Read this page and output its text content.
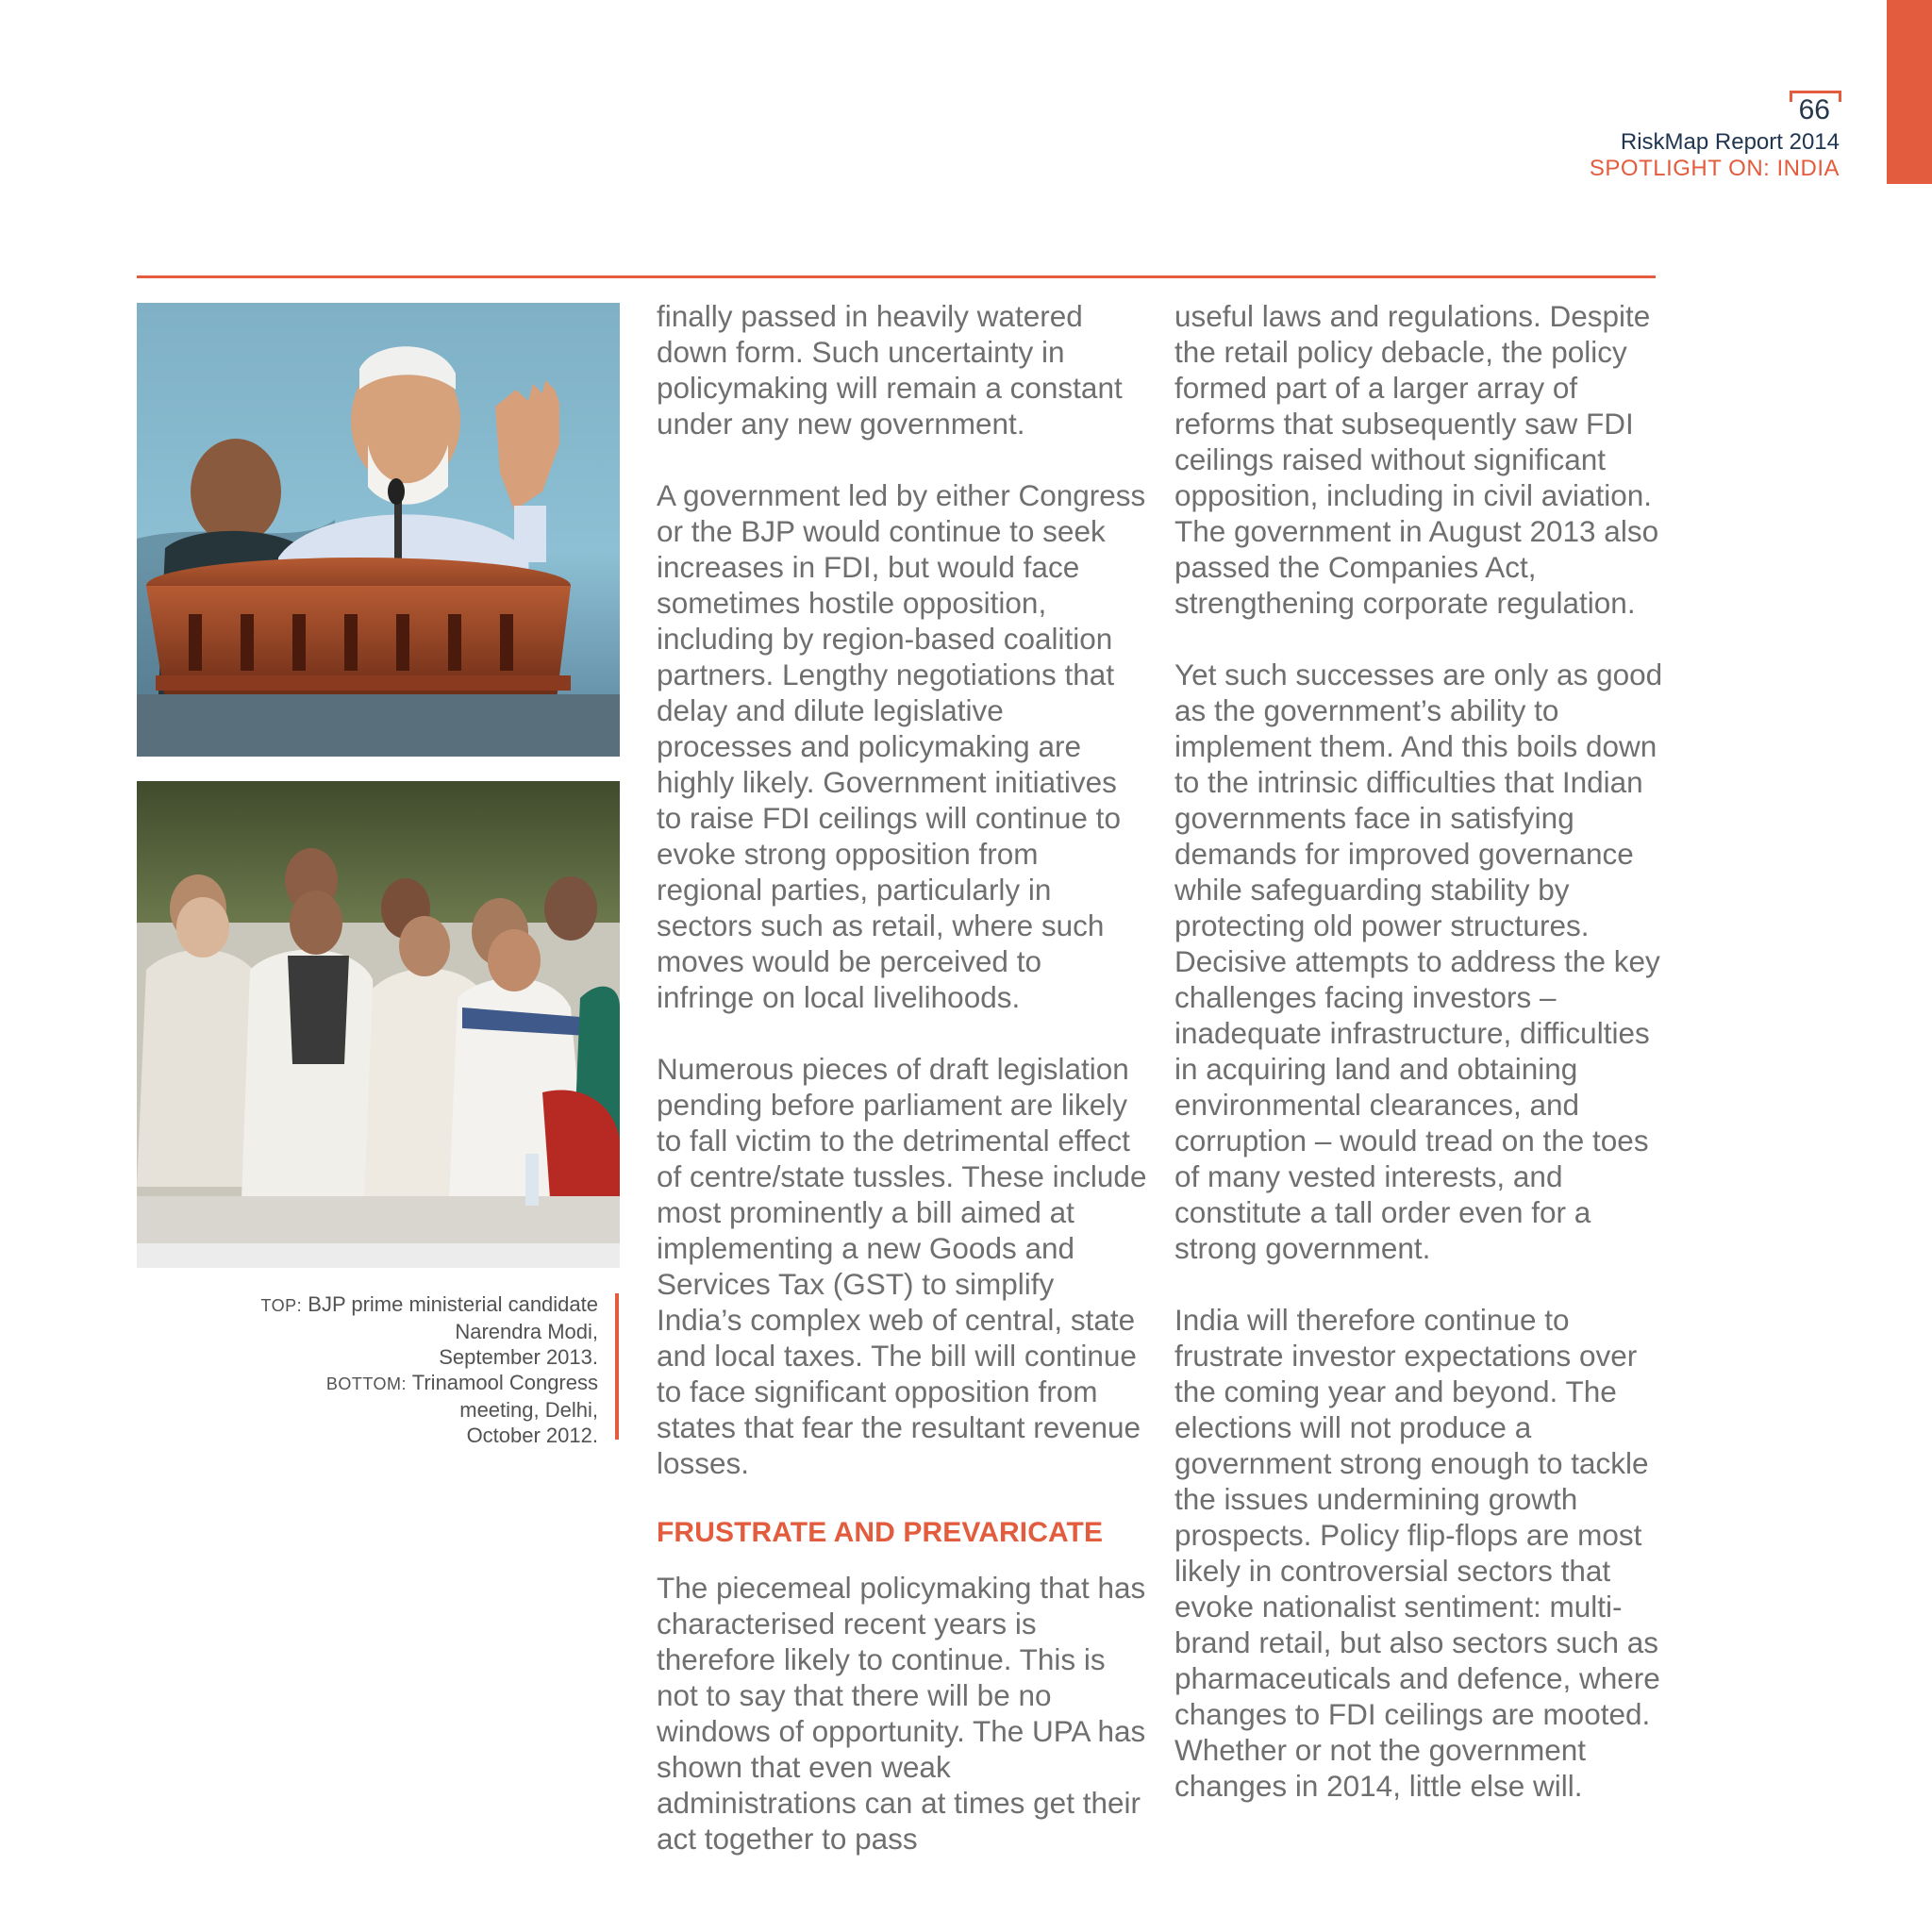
66
RiskMap Report 2014
SPOTLIGHT ON: INDIA
TOP: BJP prime ministerial candidate
Narendra Modi,
September 2013.
BOTTOM: Trinamool Congress
meeting, Delhi,
October 2012.

finally passed in heavily watered down form. Such uncertainty in policymaking will remain a constant under any new government.

A government led by either Congress or the BJP would continue to seek increases in FDI, but would face sometimes hostile opposition, including by region-based coalition partners. Lengthy negotiations that delay and dilute legislative processes and policymaking are highly likely. Government initiatives to raise FDI ceilings will continue to evoke strong opposition from regional parties, particularly in sectors such as retail, where such moves would be perceived to infringe on local livelihoods.

Numerous pieces of draft legislation pending before parliament are likely to fall victim to the detrimental effect of centre/state tussles. These include most prominently a bill aimed at implementing a new Goods and Services Tax (GST) to simplify India’s complex web of central, state and local taxes. The bill will continue to face significant opposition from states that fear the resultant revenue losses.

FRUSTRATE AND PREVARICATE

The piecemeal policymaking that has characterised recent years is therefore likely to continue. This is not to say that there will be no windows of opportunity. The UPA has shown that even weak administrations can at times get their act together to pass

useful laws and regulations. Despite the retail policy debacle, the policy formed part of a larger array of reforms that subsequently saw FDI ceilings raised without significant opposition, including in civil aviation. The government in August 2013 also passed the Companies Act, strengthening corporate regulation.

Yet such successes are only as good as the government’s ability to implement them. And this boils down to the intrinsic difficulties that Indian governments face in satisfying demands for improved governance while safeguarding stability by protecting old power structures. Decisive attempts to address the key challenges facing investors – inadequate infrastructure, difficulties in acquiring land and obtaining environmental clearances, and corruption – would tread on the toes of many vested interests, and constitute a tall order even for a strong government.

India will therefore continue to frustrate investor expectations over the coming year and beyond. The elections will not produce a government strong enough to tackle the issues undermining growth prospects. Policy flip-flops are most likely in controversial sectors that evoke nationalist sentiment: multi-brand retail, but also sectors such as pharmaceuticals and defence, where changes to FDI ceilings are mooted. Whether or not the government changes in 2014, little else will.
